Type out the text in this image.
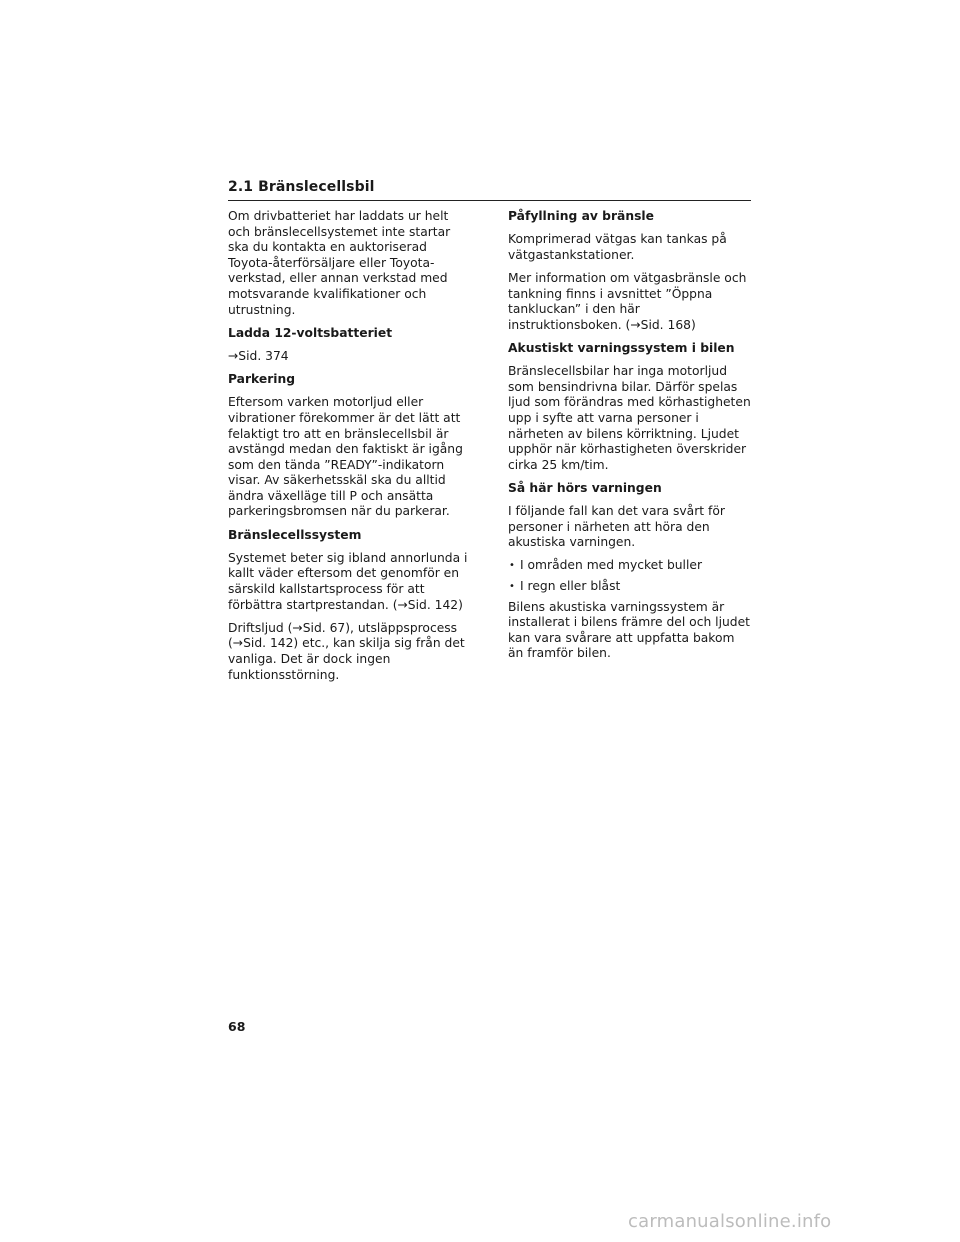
2.1 Bränslecellsbil

Om drivbatteriet har laddats ur helt och bränslecellsystemet inte startar ska du kontakta en auktoriserad Toyota-återförsäljare eller Toyota-verkstad, eller annan verkstad med motsvarande kvalifikationer och utrustning.

Ladda 12-voltsbatteriet

→Sid. 374

Parkering

Eftersom varken motorljud eller vibrationer förekommer är det lätt att felaktigt tro att en bränslecellsbil är avstängd medan den faktiskt är igång som den tända ”READY”-indikatorn visar. Av säkerhetsskäl ska du alltid ändra växelläge till P och ansätta parkeringsbromsen när du parkerar.

Bränslecellssystem

Systemet beter sig ibland annorlunda i kallt väder eftersom det genomför en särskild kallstartsprocess för att förbättra startprestandan. (→Sid. 142)

Driftsljud (→Sid. 67), utsläppsprocess (→Sid. 142) etc., kan skilja sig från det vanliga. Det är dock ingen funktionsstörning.

Påfyllning av bränsle

Komprimerad vätgas kan tankas på vätgastankstationer.

Mer information om vätgasbränsle och tankning finns i avsnittet ”Öppna tankluckan” i den här instruktionsboken. (→Sid. 168)

Akustiskt varningssystem i bilen

Bränslecellsbilar har inga motorljud som bensindrivna bilar. Därför spelas ljud som förändras med körhastigheten upp i syfte att varna personer i närheten av bilens körriktning. Ljudet upphör när körhastigheten överskrider cirka 25 km/tim.

Så här hörs varningen

I följande fall kan det vara svårt för personer i närheten att höra den akustiska varningen.

• I områden med mycket buller
• I regn eller blåst

Bilens akustiska varningssystem är installerat i bilens främre del och ljudet kan vara svårare att uppfatta bakom än framför bilen.

68
carmanualsonline.info
